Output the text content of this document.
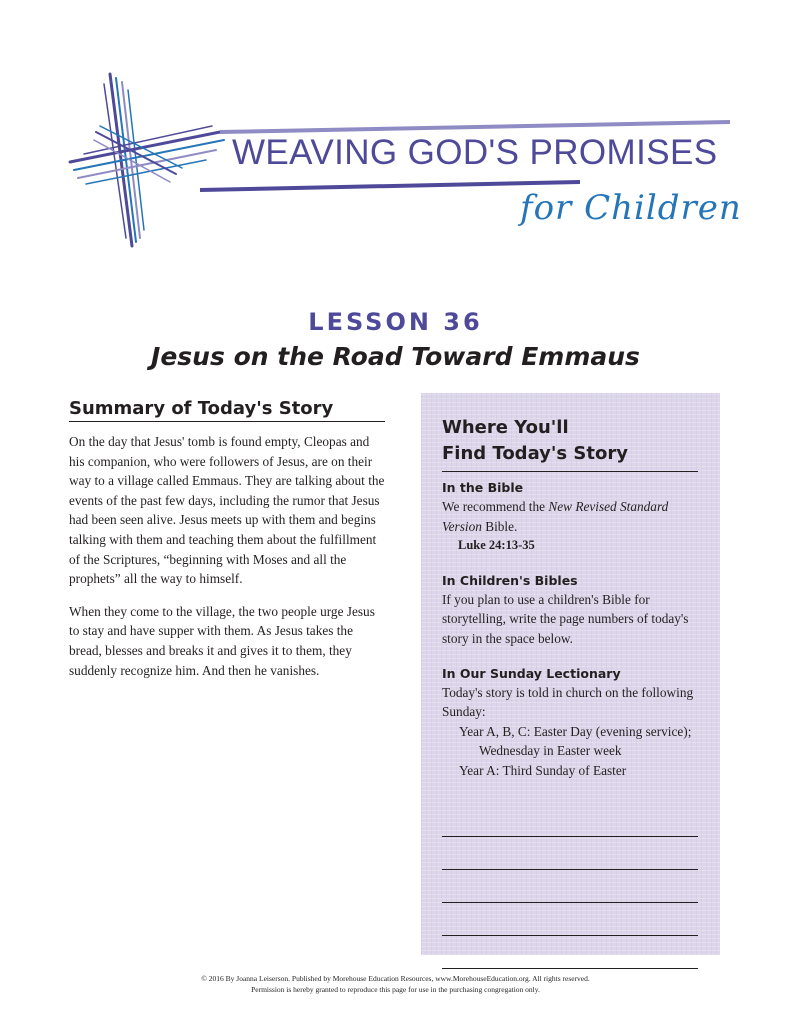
WEAVING GOD'S PROMISES
for Children
LESSON 36
Jesus on the Road Toward Emmaus
Summary of Today's Story

On the day that Jesus' tomb is found empty, Cleopas and his companion, who were followers of Jesus, are on their way to a village called Emmaus. They are talking about the events of the past few days, including the rumor that Jesus had been seen alive. Jesus meets up with them and begins talking with them and teaching them about the fulfillment of the Scriptures, “beginning with Moses and all the prophets” all the way to himself.

When they come to the village, the two people urge Jesus to stay and have supper with them. As Jesus takes the bread, blesses and breaks it and gives it to them, they suddenly recognize him. And then he vanishes.

Where You'll
Find Today's Story
In the Bible

We recommend the New Revised Standard Version Bible.

Luke 24:13-35
In Children's Bibles

If you plan to use a children's Bible for storytelling, write the page numbers of today's story in the space below.

In Our Sunday Lectionary

Today's story is told in church on the following Sunday:

Year A, B, C: Easter Day (evening service); Wednesday in Easter week
Year A: Third Sunday of Easter
© 2016 By Joanna Leiserson. Published by Morehouse Education Resources, www.MorehouseEducation.org. All rights reserved.
Permission is hereby granted to reproduce this page for use in the purchasing congregation only.
